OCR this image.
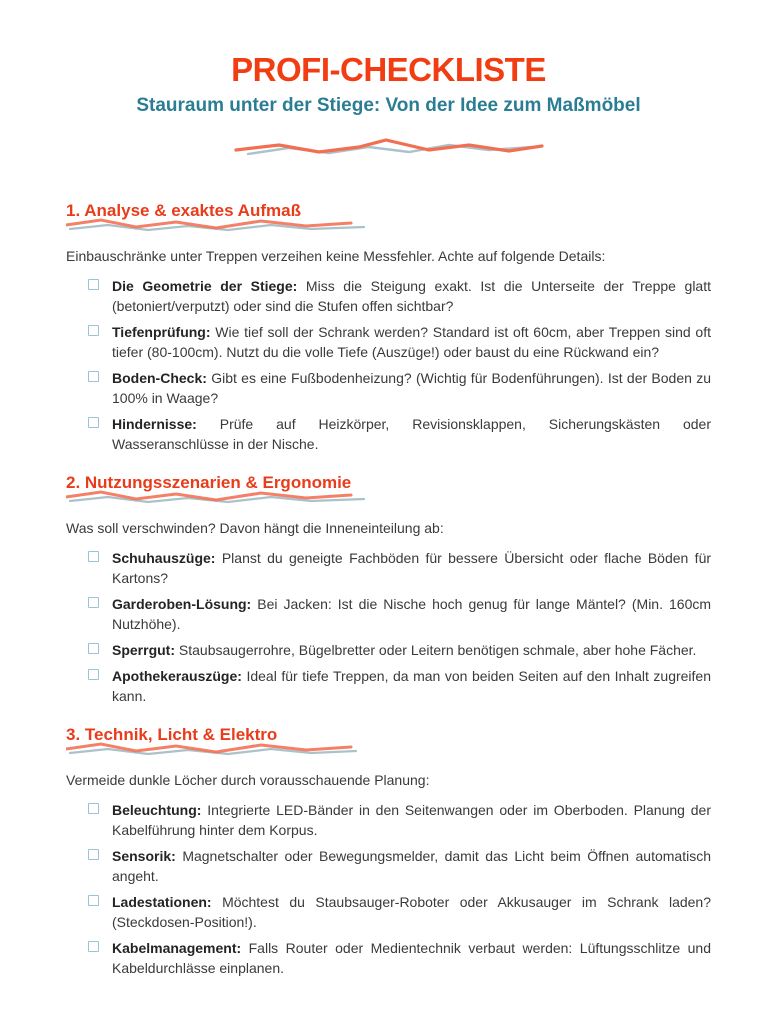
PROFI-CHECKLISTE
Stauraum unter der Stiege: Von der Idee zum Maßmöbel
1. Analyse & exaktes Aufmaß

Einbauschränke unter Treppen verzeihen keine Messfehler. Achte auf folgende Details:

Die Geometrie der Stiege: Miss die Steigung exakt. Ist die Unterseite der Treppe glatt (betoniert/verputzt) oder sind die Stufen offen sichtbar?

Tiefenprüfung: Wie tief soll der Schrank werden? Standard ist oft 60cm, aber Treppen sind oft tiefer (80-100cm). Nutzt du die volle Tiefe (Auszüge!) oder baust du eine Rückwand ein?

Boden-Check: Gibt es eine Fußbodenheizung? (Wichtig für Bodenführungen). Ist der Boden zu 100% in Waage?

Hindernisse: Prüfe auf Heizkörper, Revisionsklappen, Sicherungskästen oder Wasseranschlüsse in der Nische.

2. Nutzungsszenarien & Ergonomie

Was soll verschwinden? Davon hängt die Inneneinteilung ab:

Schuhauszüge: Planst du geneigte Fachböden für bessere Übersicht oder flache Böden für Kartons?

Garderoben-Lösung: Bei Jacken: Ist die Nische hoch genug für lange Mäntel? (Min. 160cm Nutzhöhe).

Sperrgut: Staubsaugerrohre, Bügelbretter oder Leitern benötigen schmale, aber hohe Fächer.

Apothekerauszüge: Ideal für tiefe Treppen, da man von beiden Seiten auf den Inhalt zugreifen kann.

3. Technik, Licht & Elektro

Vermeide dunkle Löcher durch vorausschauende Planung:

Beleuchtung: Integrierte LED-Bänder in den Seitenwangen oder im Oberboden. Planung der Kabelführung hinter dem Korpus.

Sensorik: Magnetschalter oder Bewegungsmelder, damit das Licht beim Öffnen automatisch angeht.

Ladestationen: Möchtest du Staubsauger-Roboter oder Akkusauger im Schrank laden? (Steckdosen-Position!).

Kabelmanagement: Falls Router oder Medientechnik verbaut werden: Lüftungsschlitze und Kabeldurchlässe einplanen.
